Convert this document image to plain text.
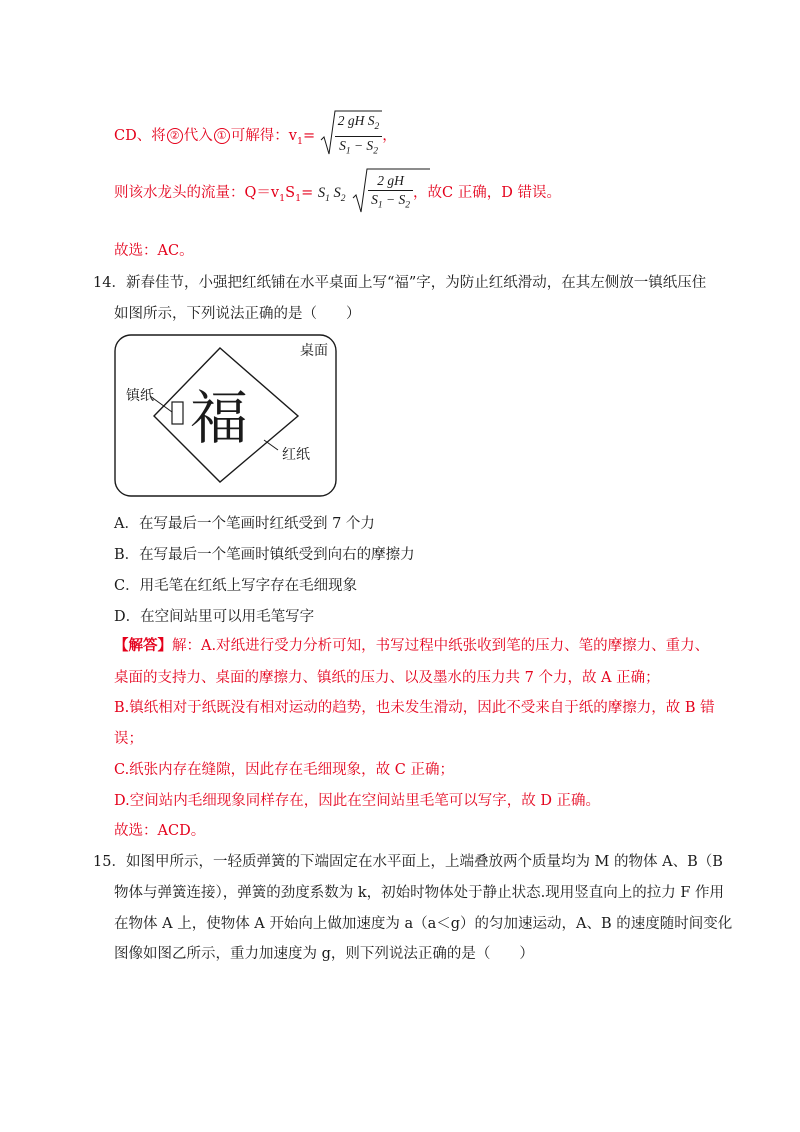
CD、将 ② 代入 ① 可解得：$v_1= \frac{2 gH S_2}{S_1 - S_2}$ ，
则该水龙头的流量：$Q=v_1S_1= S_1$ $S_2 \frac{2 gH}{S_1 - S_2}$ ，故C 正确，D 错误。
故选：AC。
14．新春佳节，小强把红纸铺在水平桌面上写“福”字，为防止红纸滑动，在其左侧放一镇纸压住
如图所示，下列说法正确的是（　　）
桌面
镇纸
红纸
福
A．在写最后一个笔画时红纸受到 7 个力
B．在写最后一个笔画时镇纸受到向右的摩擦力
C．用毛笔在红纸上写字存在毛细现象
D．在空间站里可以用毛笔写字
【解答】解：A.对纸进行受力分析可知，书写过程中纸张收到笔的压力、笔的摩擦力、重力、
桌面的支持力、桌面的摩擦力、镇纸的压力、以及墨水的压力共 7 个力，故 A 正确；
B.镇纸相对于纸既没有相对运动的趋势，也未发生滑动，因此不受来自于纸的摩擦力，故 B 错
误；
C.纸张内存在缝隙，因此存在毛细现象，故 C 正确；
D.空间站内毛细现象同样存在，因此在空间站里毛笔可以写字，故 D 正确。
故选：ACD。
15．如图甲所示，一轻质弹簧的下端固定在水平面上，上端叠放两个质量均为 M 的物体 A、B（B
物体与弹簧连接），弹簧的劲度系数为 k，初始时物体处于静止状态.现用竖直向上的拉力 F 作用
在物体 A 上，使物体 A 开始向上做加速度为 a（a＜g）的匀加速运动，A、B 的速度随时间变化
图像如图乙所示，重力加速度为 g，则下列说法正确的是（　　）
